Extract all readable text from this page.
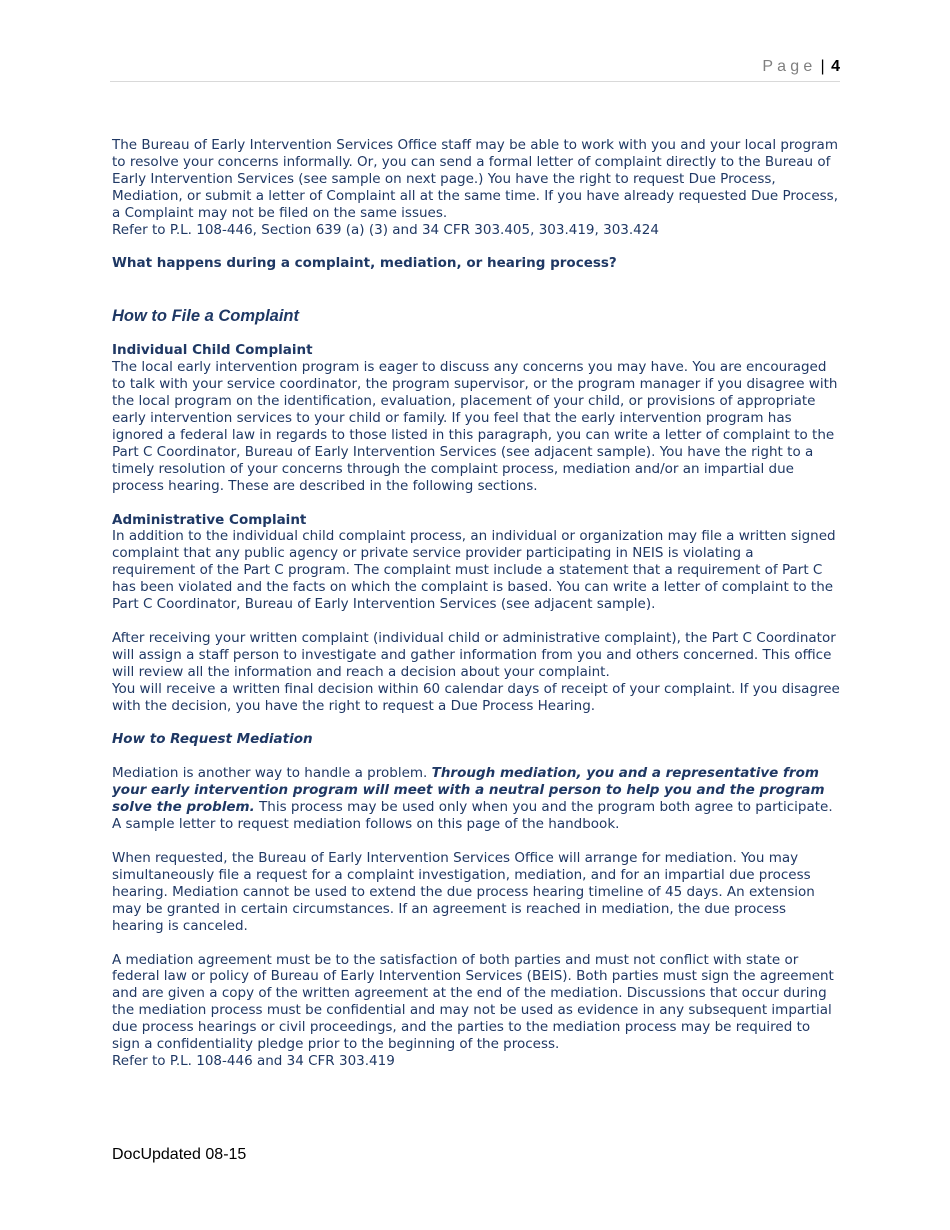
Page | 4

The Bureau of Early Intervention Services Office staff may be able to work with you and your local program to resolve your concerns informally. Or, you can send a formal letter of complaint directly to the Bureau of Early Intervention Services (see sample on next page.) You have the right to request Due Process, Mediation, or submit a letter of Complaint all at the same time. If you have already requested Due Process, a Complaint may not be filed on the same issues.

Refer to P.L. 108-446, Section 639 (a) (3) and 34 CFR 303.405, 303.419, 303.424

What happens during a complaint, mediation, or hearing process?

How to File a Complaint

Individual Child Complaint

The local early intervention program is eager to discuss any concerns you may have. You are encouraged to talk with your service coordinator, the program supervisor, or the program manager if you disagree with the local program on the identification, evaluation, placement of your child, or provisions of appropriate early intervention services to your child or family. If you feel that the early intervention program has ignored a federal law in regards to those listed in this paragraph, you can write a letter of complaint to the Part C Coordinator, Bureau of Early Intervention Services (see adjacent sample). You have the right to a timely resolution of your concerns through the complaint process, mediation and/or an impartial due process hearing. These are described in the following sections.

Administrative Complaint

In addition to the individual child complaint process, an individual or organization may file a written signed complaint that any public agency or private service provider participating in NEIS is violating a requirement of the Part C program. The complaint must include a statement that a requirement of Part C has been violated and the facts on which the complaint is based. You can write a letter of complaint to the Part C Coordinator, Bureau of Early Intervention Services (see adjacent sample).

After receiving your written complaint (individual child or administrative complaint), the Part C Coordinator will assign a staff person to investigate and gather information from you and others concerned. This office will review all the information and reach a decision about your complaint.

You will receive a written final decision within 60 calendar days of receipt of your complaint. If you disagree with the decision, you have the right to request a Due Process Hearing.

How to Request Mediation

Mediation is another way to handle a problem. Through mediation, you and a representative from your early intervention program will meet with a neutral person to help you and the program solve the problem. This process may be used only when you and the program both agree to participate. A sample letter to request mediation follows on this page of the handbook.

When requested, the Bureau of Early Intervention Services Office will arrange for mediation. You may simultaneously file a request for a complaint investigation, mediation, and for an impartial due process hearing. Mediation cannot be used to extend the due process hearing timeline of 45 days. An extension may be granted in certain circumstances. If an agreement is reached in mediation, the due process hearing is canceled.

A mediation agreement must be to the satisfaction of both parties and must not conflict with state or federal law or policy of Bureau of Early Intervention Services (BEIS). Both parties must sign the agreement and are given a copy of the written agreement at the end of the mediation. Discussions that occur during the mediation process must be confidential and may not be used as evidence in any subsequent impartial due process hearings or civil proceedings, and the parties to the mediation process may be required to sign a confidentiality pledge prior to the beginning of the process.

Refer to P.L. 108-446 and 34 CFR 303.419

DocUpdated 08-15
